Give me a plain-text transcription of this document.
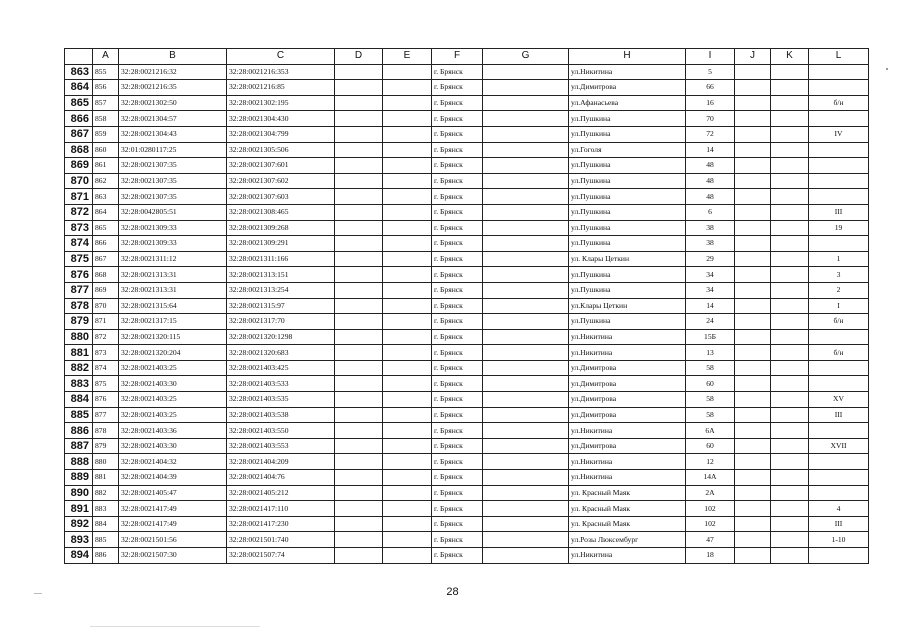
	A	B	C	D	E	F	G	H	I	J	K	L
863	855	32:28:0021216:32	32:28:0021216:353			г. Брянск		ул.Никитина	5			
864	856	32:28:0021216:35	32:28:0021216:85			г. Брянск		ул.Димитрова	66			
865	857	32:28:0021302:50	32:28:0021302:195			г. Брянск		ул.Афанасьева	16			б/н
866	858	32:28:0021304:57	32:28:0021304:430			г. Брянск		ул.Пушкина	70			
867	859	32:28:0021304:43	32:28:0021304:799			г. Брянск		ул.Пушкина	72			IV
868	860	32:01:0280117:25	32:28:0021305:506			г. Брянск		ул.Гоголя	14			
869	861	32:28:0021307:35	32:28:0021307:601			г. Брянск		ул.Пушкина	48			
870	862	32:28:0021307:35	32:28:0021307:602			г. Брянск		ул.Пушкина	48			
871	863	32:28:0021307:35	32:28:0021307:603			г. Брянск		ул.Пушкина	48			
872	864	32:28:0042805:51	32:28:0021308:465			г. Брянск		ул.Пушкина	6			III
873	865	32:28:0021309:33	32:28:0021309:268			г. Брянск		ул.Пушкина	38			19
874	866	32:28:0021309:33	32:28:0021309:291			г. Брянск		ул.Пушкина	38			
875	867	32:28:0021311:12	32:28:0021311:166			г. Брянск		ул. Клары Цеткин	29			1
876	868	32:28:0021313:31	32:28:0021313:151			г. Брянск		ул.Пушкина	34			3
877	869	32:28:0021313:31	32:28:0021313:254			г. Брянск		ул.Пушкина	34			2
878	870	32:28:0021315:64	32:28:0021315:97			г. Брянск		ул.Клары Цеткин	14			I
879	871	32:28:0021317:15	32:28:0021317:70			г. Брянск		ул.Пушкина	24			б/н
880	872	32:28:0021320:115	32:28:0021320:1298			г. Брянск		ул.Никитина	15Б			
881	873	32:28:0021320:204	32:28:0021320:683			г. Брянск		ул.Никитина	13			б/н
882	874	32:28:0021403:25	32:28:0021403:425			г. Брянск		ул.Димитрова	58			
883	875	32:28:0021403:30	32:28:0021403:533			г. Брянск		ул.Димитрова	60			
884	876	32:28:0021403:25	32:28:0021403:535			г. Брянск		ул.Димитрова	58			XV
885	877	32:28:0021403:25	32:28:0021403:538			г. Брянск		ул.Димитрова	58			III
886	878	32:28:0021403:36	32:28:0021403:550			г. Брянск		ул.Никитина	6А			
887	879	32:28:0021403:30	32:28:0021403:553			г. Брянск		ул.Димитрова	60			XVII
888	880	32:28:0021404:32	32:28:0021404:209			г. Брянск		ул.Никитина	12			
889	881	32:28:0021404:39	32:28:0021404:76			г. Брянск		ул.Никитина	14А			
890	882	32:28:0021405:47	32:28:0021405:212			г. Брянск		ул. Красный Маяк	2А			
891	883	32:28:0021417:49	32:28:0021417:110			г. Брянск		ул. Красный Маяк	102			4
892	884	32:28:0021417:49	32:28:0021417:230			г. Брянск		ул. Красный Маяк	102			III
893	885	32:28:0021501:56	32:28:0021501:740			г. Брянск		ул.Розы Люксембург	47			1-10
894	886	32:28:0021507:30	32:28:0021507:74			г. Брянск		ул.Никитина	18			
28
